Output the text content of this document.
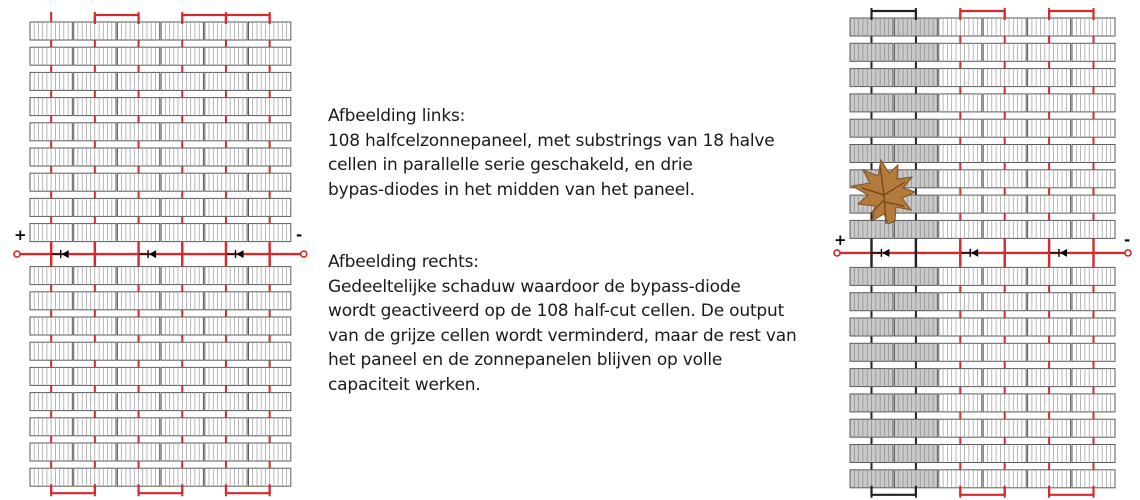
+	-	+	-

Afbeelding links:

108 halfcelzonnepaneel, met substrings van 18 halve

cellen in parallelle serie geschakeld, en drie

bypas-diodes in het midden van het paneel.

Afbeelding rechts:

Gedeeltelijke schaduw waardoor de bypass-diode

wordt geactiveerd op de 108 half-cut cellen. De output

van de grijze cellen wordt verminderd, maar de rest van

het paneel en de zonnepanelen blijven op volle

capaciteit werken.
